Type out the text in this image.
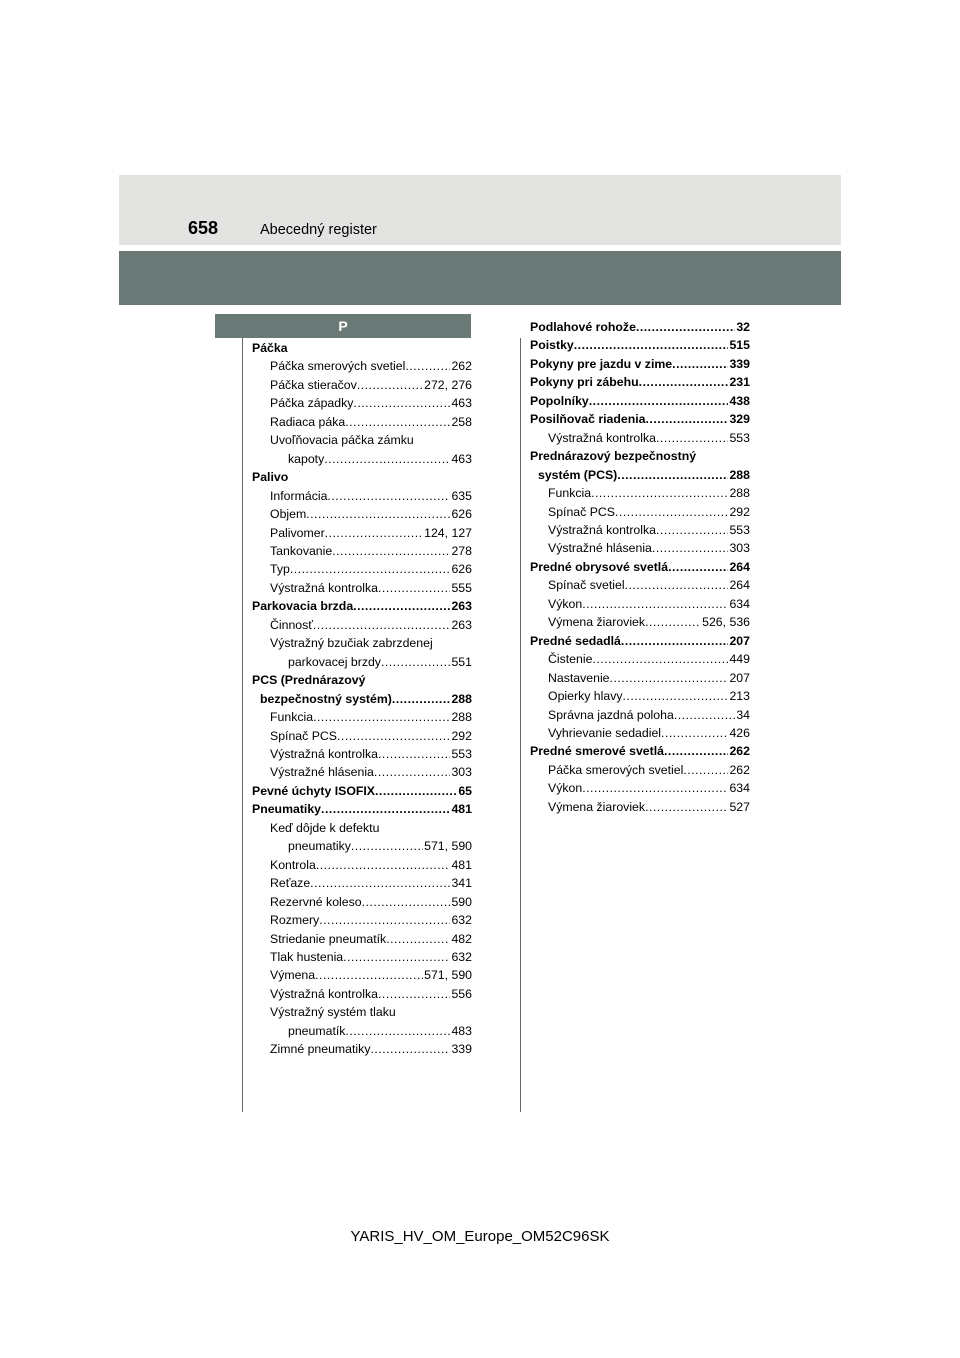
658	Abecedný register
P
Páčka
Páčka smerových svetiel .....	262
Páčka stieračov .....	272, 276
Páčka západky .....	463
Radiaca páka .....	258
Uvoľňovacia páčka zámku
kapoty .....	463
Palivo
Informácia .....	635
Objem .....	626
Palivomer .....	124, 127
Tankovanie .....	278
Typ .....	626
Výstražná kontrolka .....	555
Parkovacia brzda .....	263
Činnosť .....	263
Výstražný bzučiak zabrzdenej
parkovacej brzdy .....	551
PCS (Prednárazový
bezpečnostný systém) .....	288
Funkcia .....	288
Spínač PCS .....	292
Výstražná kontrolka .....	553
Výstražné hlásenia .....	303
Pevné úchyty ISOFIX .....	65
Pneumatiky .....	481
Keď dôjde k defektu
pneumatiky .....	571, 590
Kontrola .....	481
Reťaze .....	341
Rezervné koleso .....	590
Rozmery .....	632
Striedanie pneumatík .....	482
Tlak hustenia .....	632
Výmena .....	571, 590
Výstražná kontrolka .....	556
Výstražný systém tlaku
pneumatík .....	483
Zimné pneumatiky .....	339
Podlahové rohože .....	32
Poistky .....	515
Pokyny pre jazdu v zime .....	339
Pokyny pri zábehu .....	231
Popolníky .....	438
Posilňovač riadenia .....	329
Výstražná kontrolka .....	553
Prednárazový bezpečnostný
systém (PCS) .....	288
Funkcia .....	288
Spínač PCS .....	292
Výstražná kontrolka .....	553
Výstražné hlásenia .....	303
Predné obrysové svetlá .....	264
Spínač svetiel .....	264
Výkon .....	634
Výmena žiaroviek .....	526, 536
Predné sedadlá .....	207
Čistenie .....	449
Nastavenie .....	207
Opierky hlavy .....	213
Správna jazdná poloha .....	34
Vyhrievanie sedadiel .....	426
Predné smerové svetlá .....	262
Páčka smerových svetiel .....	262
Výkon .....	634
Výmena žiaroviek .....	527
YARIS_HV_OM_Europe_OM52C96SK
